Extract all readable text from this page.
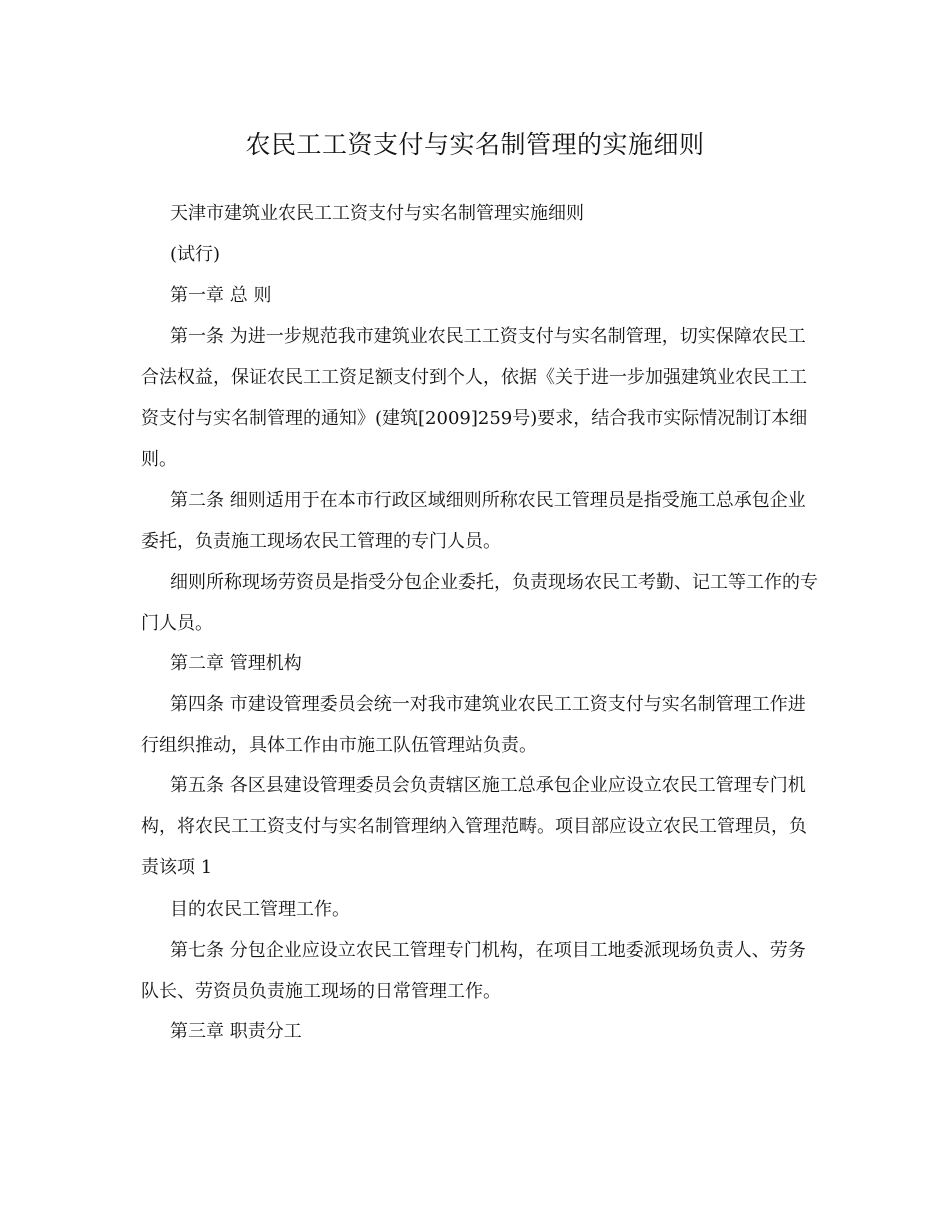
农民工工资支付与实名制管理的实施细则

天津市建筑业农民工工资支付与实名制管理实施细则

(试行)

第一章 总 则

第一条 为进一步规范我市建筑业农民工工资支付与实名制管理，切实保障农民工合法权益，保证农民工工资足额支付到个人，依据《关于进一步加强建筑业农民工工资支付与实名制管理的通知》(建筑[2009]259号)要求，结合我市实际情况制订本细则。

第二条 细则适用于在本市行政区域细则所称农民工管理员是指受施工总承包企业委托，负责施工现场农民工管理的专门人员。

细则所称现场劳资员是指受分包企业委托，负责现场农民工考勤、记工等工作的专门人员。

第二章 管理机构

第四条 市建设管理委员会统一对我市建筑业农民工工资支付与实名制管理工作进行组织推动，具体工作由市施工队伍管理站负责。

第五条 各区县建设管理委员会负责辖区施工总承包企业应设立农民工管理专门机构，将农民工工资支付与实名制管理纳入管理范畴。项目部应设立农民工管理员，负责该项 1

目的农民工管理工作。

第七条 分包企业应设立农民工管理专门机构，在项目工地委派现场负责人、劳务队长、劳资员负责施工现场的日常管理工作。

第三章 职责分工
